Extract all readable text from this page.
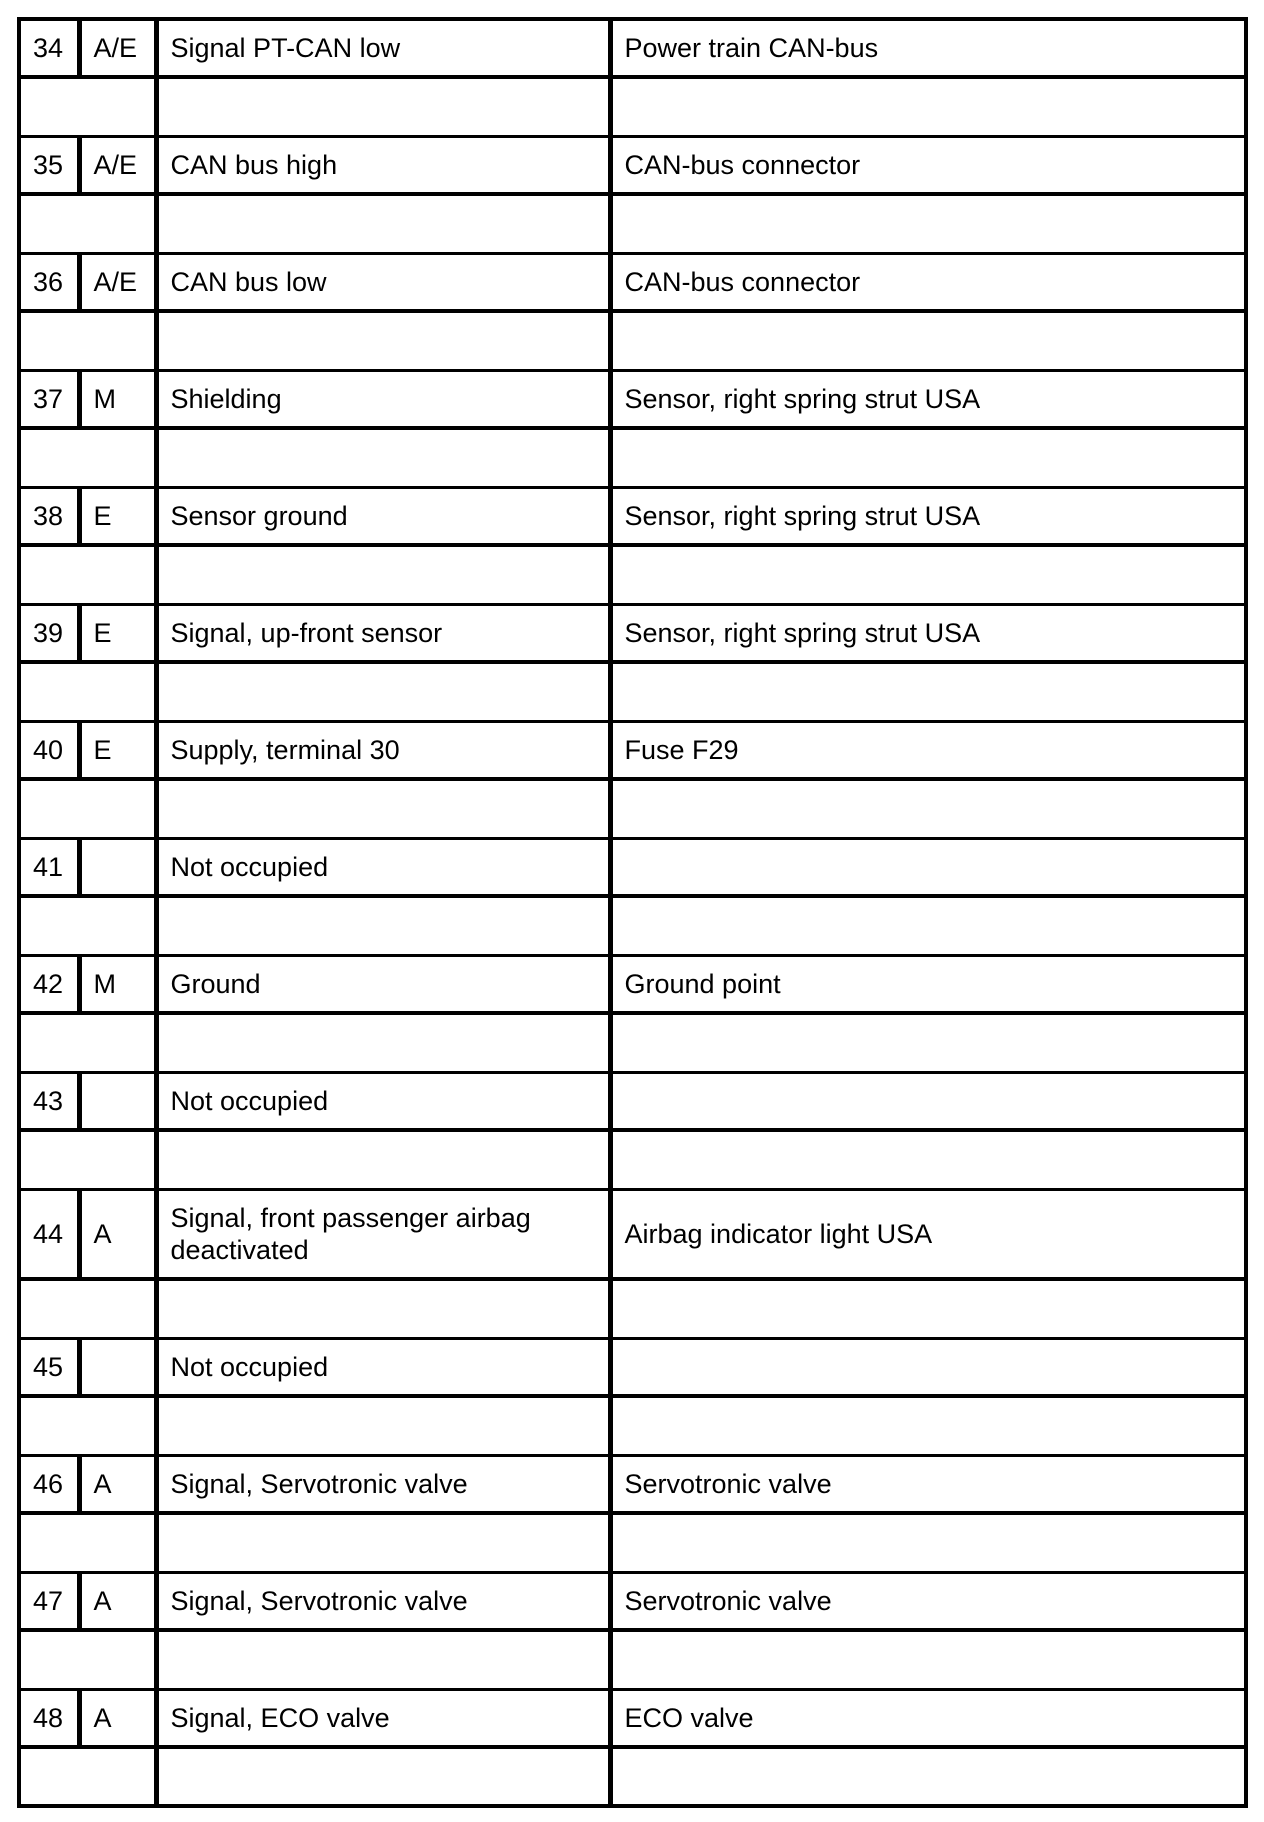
34	A/E	Signal PT-CAN low	Power train CAN-bus

35	A/E	CAN bus high	CAN-bus connector

36	A/E	CAN bus low	CAN-bus connector

37	M	Shielding	Sensor, right spring strut USA

38	E	Sensor ground	Sensor, right spring strut USA

39	E	Signal, up-front sensor	Sensor, right spring strut USA

40	E	Supply, terminal 30	Fuse F29

41		Not occupied	

42	M	Ground	Ground point

43		Not occupied	

44	A	Signal, front passenger airbag
deactivated	Airbag indicator light USA

45		Not occupied	

46	A	Signal, Servotronic valve	Servotronic valve

47	A	Signal, Servotronic valve	Servotronic valve

48	A	Signal, ECO valve	ECO valve
